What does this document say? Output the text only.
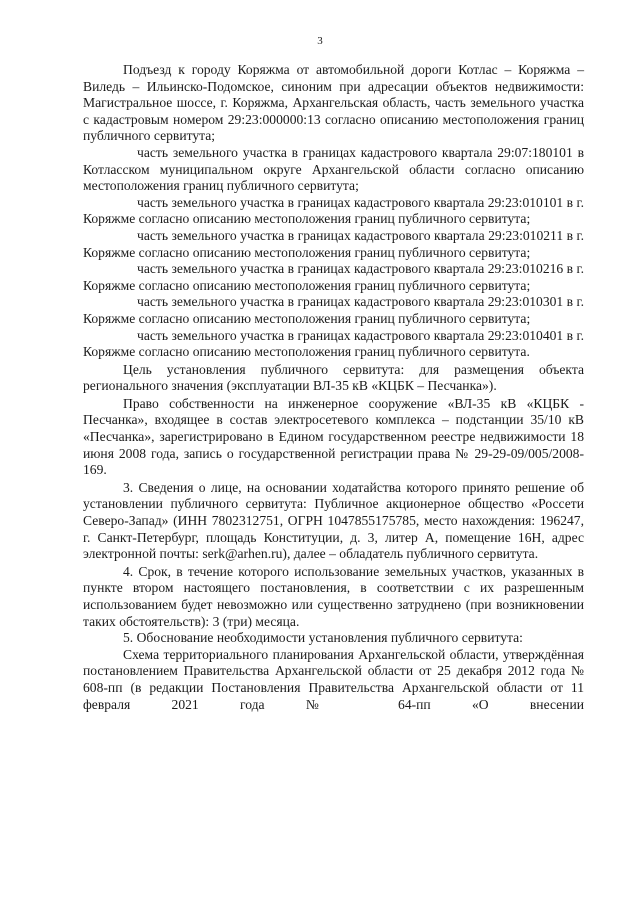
3

Подъезд к городу Коряжма от автомобильной дороги Котлас – Коряжма – Виледь – Ильинско-Подомское, синоним при адресации объектов недвижимости: Магистральное шоссе, г. Коряжма, Архангельская область, часть земельного участка с кадастровым номером 29:23:000000:13 согласно описанию местоположения границ публичного сервитута;

часть земельного участка в границах кадастрового квартала 29:07:180101 в Котласском муниципальном округе Архангельской области согласно описанию местоположения границ публичного сервитута;

часть земельного участка в границах кадастрового квартала 29:23:010101 в г. Коряжме согласно описанию местоположения границ публичного сервитута;

часть земельного участка в границах кадастрового квартала 29:23:010211 в г. Коряжме согласно описанию местоположения границ публичного сервитута;

часть земельного участка в границах кадастрового квартала 29:23:010216 в г. Коряжме согласно описанию местоположения границ публичного сервитута;

часть земельного участка в границах кадастрового квартала 29:23:010301 в г. Коряжме согласно описанию местоположения границ публичного сервитута;

часть земельного участка в границах кадастрового квартала 29:23:010401 в г. Коряжме согласно описанию местоположения границ публичного сервитута.

Цель установления публичного сервитута: для размещения объекта регионального значения (эксплуатации ВЛ-35 кВ «КЦБК – Песчанка»).

Право собственности на инженерное сооружение «ВЛ-35 кВ «КЦБК - Песчанка», входящее в состав электросетевого комплекса – подстанции 35/10 кВ «Песчанка», зарегистрировано в Едином государственном реестре недвижимости 18 июня 2008 года, запись о государственной регистрации права № 29-29-09/005/2008-169.

3. Сведения о лице, на основании ходатайства которого принято решение об установлении публичного сервитута: Публичное акционерное общество «Россети Северо-Запад» (ИНН 7802312751, ОГРН 1047855175785, место нахождения: 196247, г. Санкт-Петербург, площадь Конституции, д. 3, литер А, помещение 16Н, адрес электронной почты: serk@arhen.ru), далее – обладатель публичного сервитута.

4. Срок, в течение которого использование земельных участков, указанных в пункте втором настоящего постановления, в соответствии с их разрешенным использованием будет невозможно или существенно затруднено (при возникновении таких обстоятельств): 3 (три) месяца.

5. Обоснование необходимости установления публичного сервитута:

Схема территориального планирования Архангельской области, утверждённая постановлением Правительства Архангельской области от 25 декабря 2012 года № 608-пп (в редакции Постановления Правительства Архангельской области от 11 февраля 2021 года № 64-пп «О внесении
